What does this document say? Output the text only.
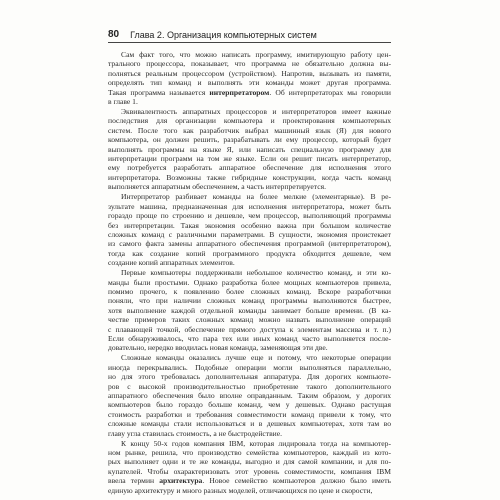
80 Глава 2. Организация компьютерных систем
Сам факт того, что можно написать программу, имитирующую работу цен-
трального процессора, показывает, что программа не обязательно должна вы-
полняться реальным процессором (устройством). Напротив, вызывать из памяти,
определять тип команд и выполнять эти команды может другая программа.
Такая программа называется интерпретатором. Об интерпретаторах мы говорили
в главе 1.
Эквивалентность аппаратных процессоров и интерпретаторов имеет важные
последствия для организации компьютера и проектирования компьютерных
систем. После того как разработчик выбрал машинный язык (Я) для нового
компьютера, он должен решить, разрабатывать ли ему процессор, который будет
выполнять программы на языке Я, или написать специальную программу для
интерпретации программ на том же языке. Если он решит писать интерпретатор,
ему потребуется разработать аппаратное обеспечение для исполнения этого
интерпретатора. Возможны также гибридные конструкции, когда часть команд
выполняется аппаратным обеспечением, а часть интерпретируется.
Интерпретатор разбивает команды на более мелкие (элементарные). В ре-
зультате машина, предназначенная для исполнения интерпретатора, может быть
гораздо проще по строению и дешевле, чем процессор, выполняющий программы
без интерпретации. Такая экономия особенно важна при большом количестве
сложных команд с различными параметрами. В сущности, экономия проистекает
из самого факта замены аппаратного обеспечения программой (интерпретатором),
тогда как создание копий программного продукта обходится дешевле, чем
создание копий аппаратных элементов.
Первые компьютеры поддерживали небольшое количество команд, и эти ко-
манды были простыми. Однако разработка более мощных компьютеров привела,
помимо прочего, к появлению более сложных команд. Вскоре разработчики
поняли, что при наличии сложных команд программы выполняются быстрее,
хотя выполнение каждой отдельной команды занимает больше времени. (В ка-
честве примеров таких сложных команд можно назвать выполнение операций
с плавающей точкой, обеспечение прямого доступа к элементам массива и т. п.)
Если обнаруживалось, что пара тех или иных команд часто выполняется после-
довательно, нередко вводилась новая команда, заменяющая эти две.
Сложные команды оказались лучше еще и потому, что некоторые операции
иногда перекрывались. Подобные операции могли выполняться параллельно,
но для этого требовалась дополнительная аппаратура. Для дорогих компьюте-
ров с высокой производительностью приобретение такого дополнительного
аппаратного обеспечения было вполне оправданным. Таким образом, у дорогих
компьютеров было гораздо больше команд, чем у дешевых. Однако растущая
стоимость разработки и требования совместимости команд привели к тому, что
сложные команды стали использоваться и в дешевых компьютерах, хотя там во
главу угла ставилась стоимость, а не быстродействие.
К концу 50-х годов компания IBM, которая лидировала тогда на компьютер-
ном рынке, решила, что производство семейства компьютеров, каждый из кото-
рых выполняет одни и те же команды, выгодно и для самой компании, и для по-
купателей. Чтобы охарактеризовать этот уровень совместимости, компания IBM
ввела термин архитектура. Новое семейство компьютеров должно было иметь
единую архитектуру и много разных моделей, отличающихся по цене и скорости,
